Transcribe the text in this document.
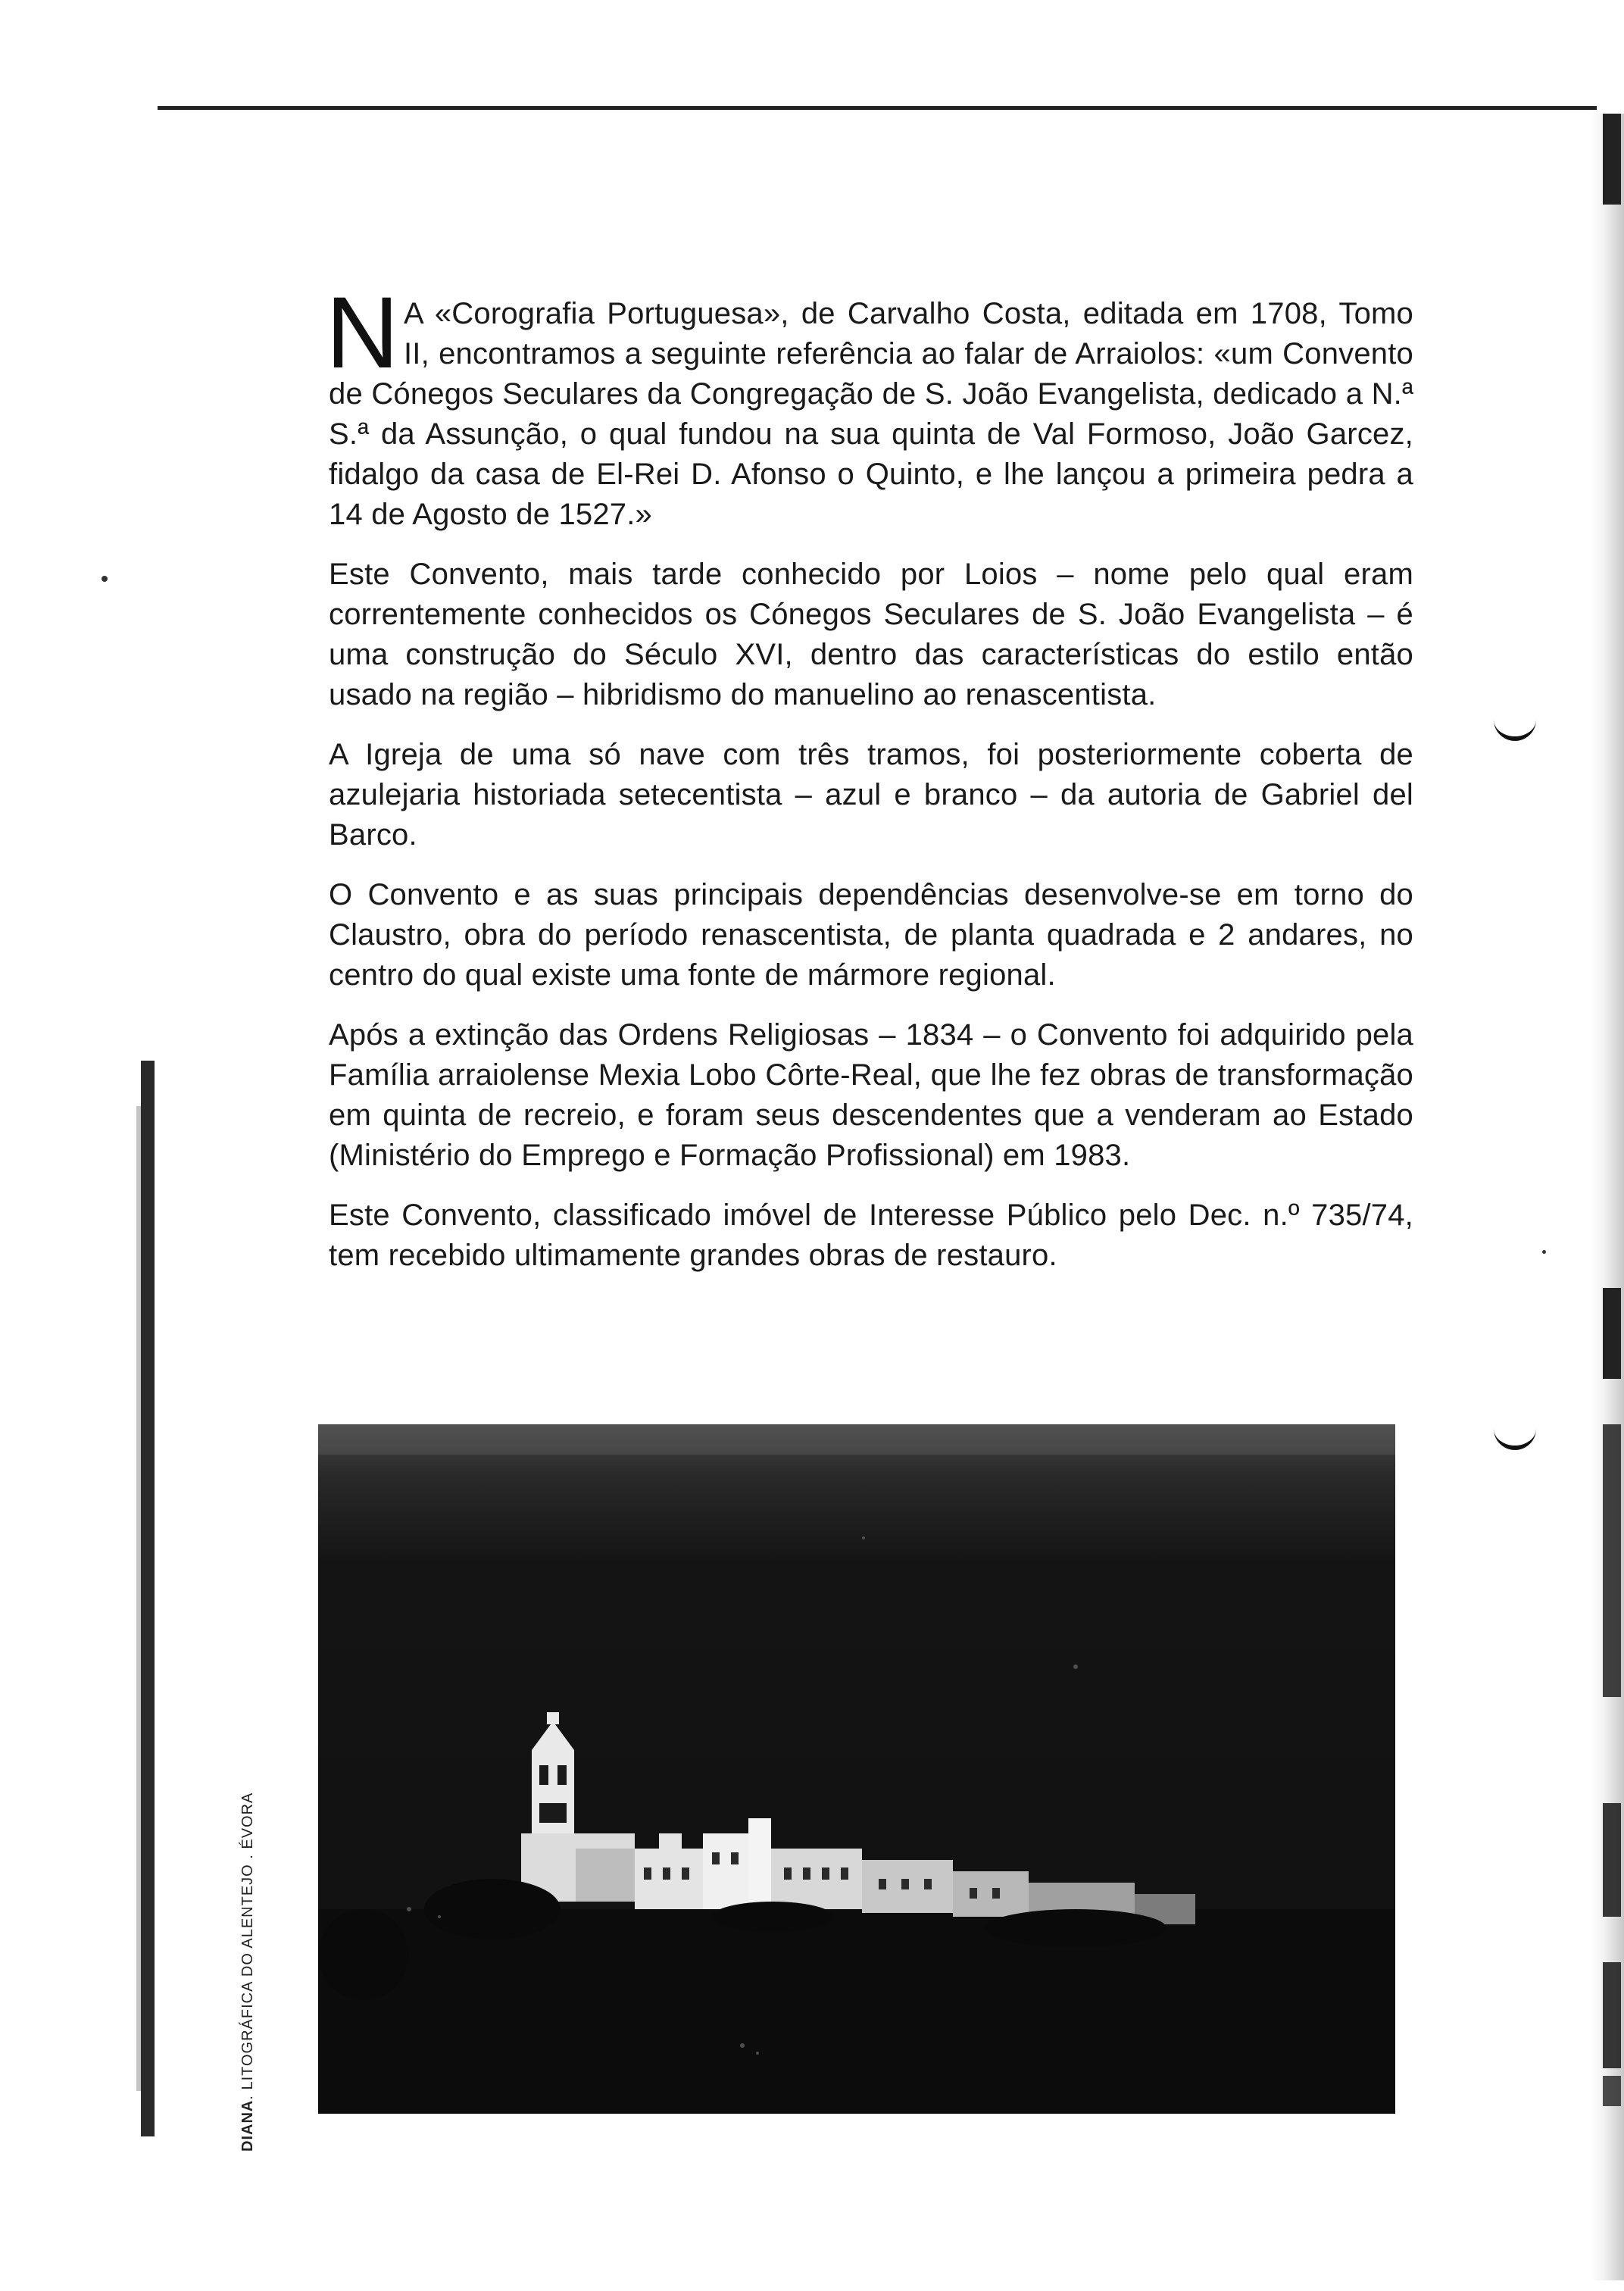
N A «Corografia Portuguesa», de Carvalho Costa, editada em 1708, Tomo II, encontramos a seguinte referência ao falar de Arraiolos: «um Convento de Cónegos Seculares da Congregação de S. João Evangelista, dedicado a N.ª S.ª da Assunção, o qual fundou na sua quinta de Val Formoso, João Garcez, fidalgo da casa de El-Rei D. Afonso o Quinto, e lhe lançou a primeira pedra a 14 de Agosto de 1527.»

Este Convento, mais tarde conhecido por Loios – nome pelo qual eram correntemente conhecidos os Cónegos Seculares de S. João Evangelista – é uma construção do Século XVI, dentro das características do estilo então usado na região – hibridismo do manuelino ao renascentista.

A Igreja de uma só nave com três tramos, foi posteriormente coberta de azulejaria historiada setecentista – azul e branco – da autoria de Gabriel del Barco.

O Convento e as suas principais dependências desenvolve-se em torno do Claustro, obra do período renascentista, de planta quadrada e 2 andares, no centro do qual existe uma fonte de mármore regional.

Após a extinção das Ordens Religiosas – 1834 – o Convento foi adquirido pela Família arraiolense Mexia Lobo Côrte-Real, que lhe fez obras de transformação em quinta de recreio, e foram seus descendentes que a venderam ao Estado (Ministério do Emprego e Formação Profissional) em 1983.

Este Convento, classificado imóvel de Interesse Público pelo Dec. n.º 735/74, tem recebido ultimamente grandes obras de restauro.

DIANA. LITOGRÁFICA DO ALENTEJO . ÉVORA
